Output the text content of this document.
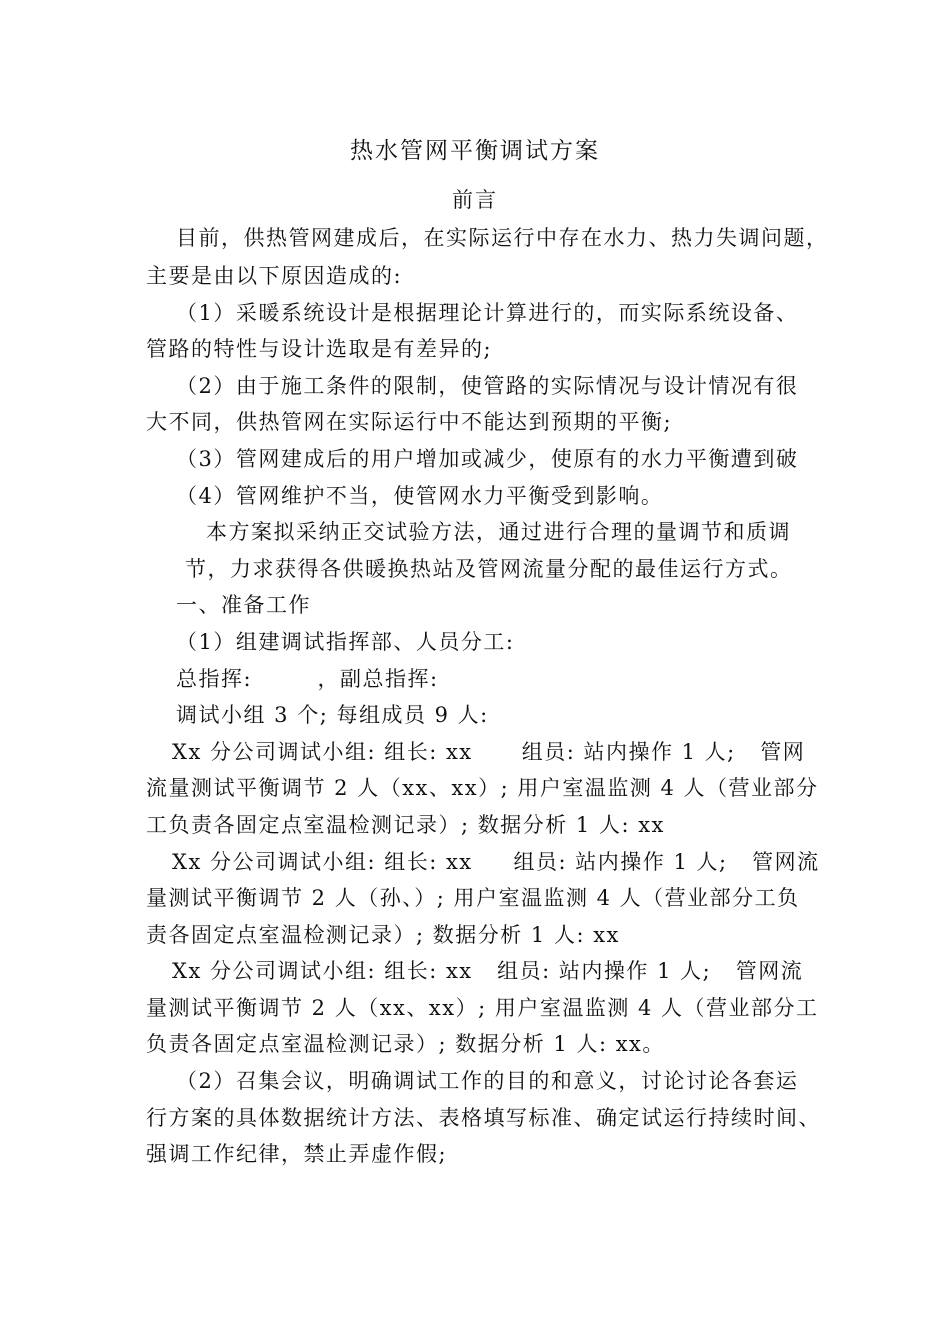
热水管网平衡调试方案
前言
目前，供热管网建成后，在实际运行中存在水力、热力失调问题，
主要是由以下原因造成的:
（1）采暖系统设计是根据理论计算进行的，而实际系统设备、
管路的特性与设计选取是有差异的;
（2）由于施工条件的限制，使管路的实际情况与设计情况有很
大不同，供热管网在实际运行中不能达到预期的平衡;
（3）管网建成后的用户增加或减少，使原有的水力平衡遭到破
（4）管网维护不当，使管网水力平衡受到影响。
本方案拟采纳正交试验方法，通过进行合理的量调节和质调
节，力求获得各供暖换热站及管网流量分配的最佳运行方式。
一、准备工作
（1）组建调试指挥部、人员分工:
总指挥:        ，副总指挥:
调试小组 3 个; 每组成员 9 人:
Xx 分公司调试小组: 组长: xx      组员: 站内操作 1 人;   管网
流量测试平衡调节 2 人（xx、xx）; 用户室温监测 4 人（营业部分
工负责各固定点室温检测记录）; 数据分析 1 人: xx
Xx 分公司调试小组: 组长: xx     组员: 站内操作 1 人;   管网流
量测试平衡调节 2 人（孙、）; 用户室温监测 4 人（营业部分工负
责各固定点室温检测记录）; 数据分析 1 人: xx
Xx 分公司调试小组: 组长: xx   组员: 站内操作 1 人;   管网流
量测试平衡调节 2 人（xx、xx）; 用户室温监测 4 人（营业部分工
负责各固定点室温检测记录）; 数据分析 1 人: xx。
（2）召集会议，明确调试工作的目的和意义，讨论讨论各套运
行方案的具体数据统计方法、表格填写标准、确定试运行持续时间、
强调工作纪律，禁止弄虚作假;
